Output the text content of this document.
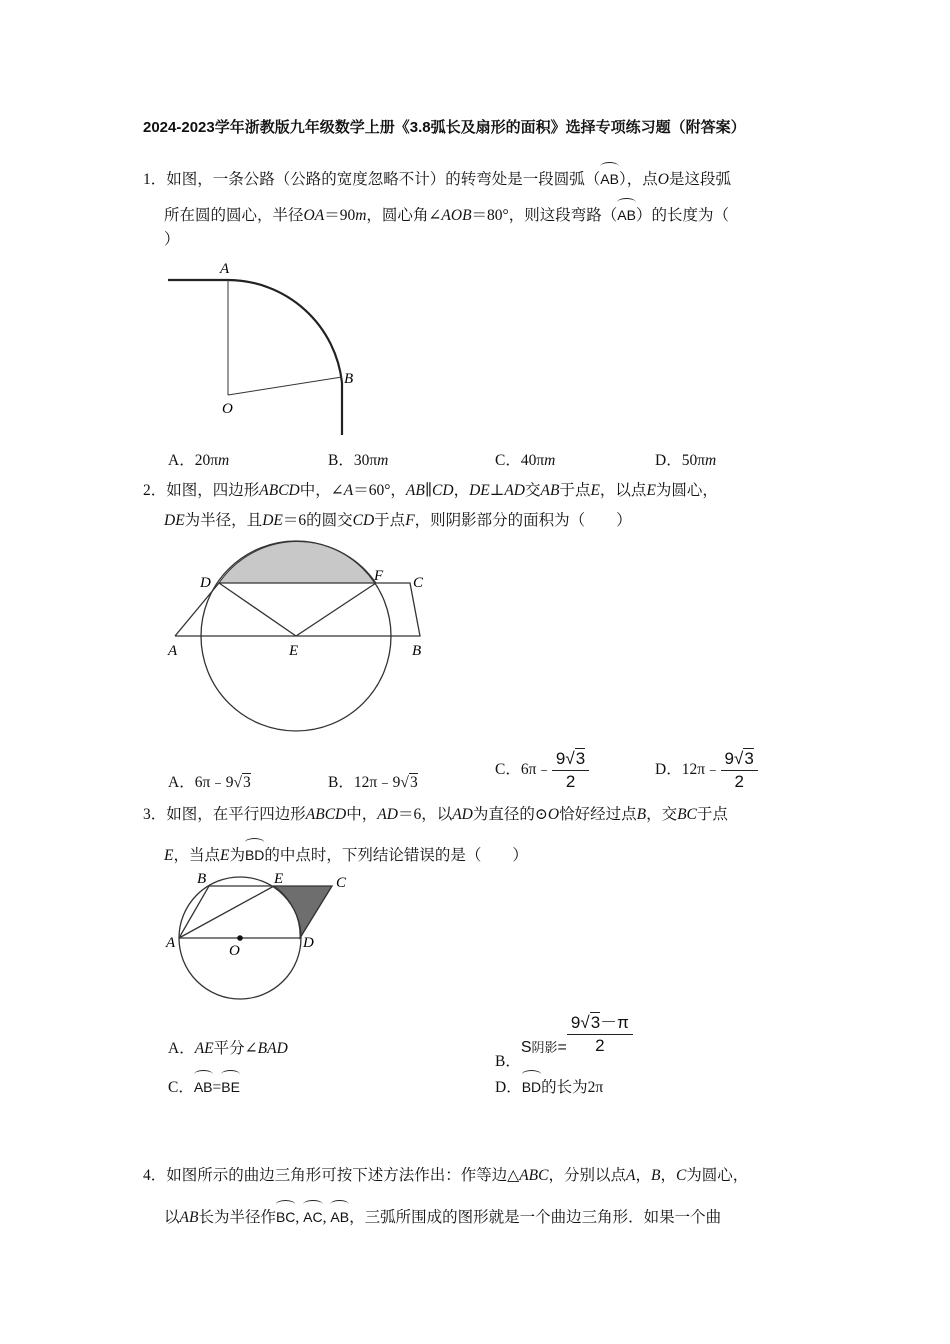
2024-2023学年浙教版九年级数学上册《3.8弧长及扇形的面积》选择专项练习题（附答案）
1．如图，一条公路（公路的宽度忽略不计）的转弯处是一段圆弧（AB），点O是这段弧
所在圆的圆心，半径OA＝90m，圆心角∠AOB＝80°，则这段弯路（AB）的长度为（
）
A
B
O
A．20πm	B．30πm	C．40πm	D．50πm
2．如图，四边形ABCD中，∠A＝60°，AB∥CD，DE⊥AD交AB于点E，以点E为圆心，
DE为半径，且DE＝6的圆交CD于点F，则阴影部分的面积为（　　）
D	F C
A	E	B
A．6π﹣9√3	B．12π﹣9√3
C．6π﹣ $\frac{9√3}{2}$	D．12π﹣ $\frac{9√3}{2}$
3．如图，在平行四边形ABCD中，AD＝6，以AD为直径的⊙O恰好经过点B，交BC于点
E，当点E为BD的中点时，下列结论错误的是（　　）
B	E	C
A	O	D
A．AE平分∠BAD
B．S阴影= $\frac{9√3-\pi}{2}$
C．AB=BE	D．BD的长为2π
4．如图所示的曲边三角形可按下述方法作出：作等边△ABC，分别以点A，B，C为圆心，
以AB长为半径作BC, AC, AB，三弧所围成的图形就是一个曲边三角形．如果一个曲
